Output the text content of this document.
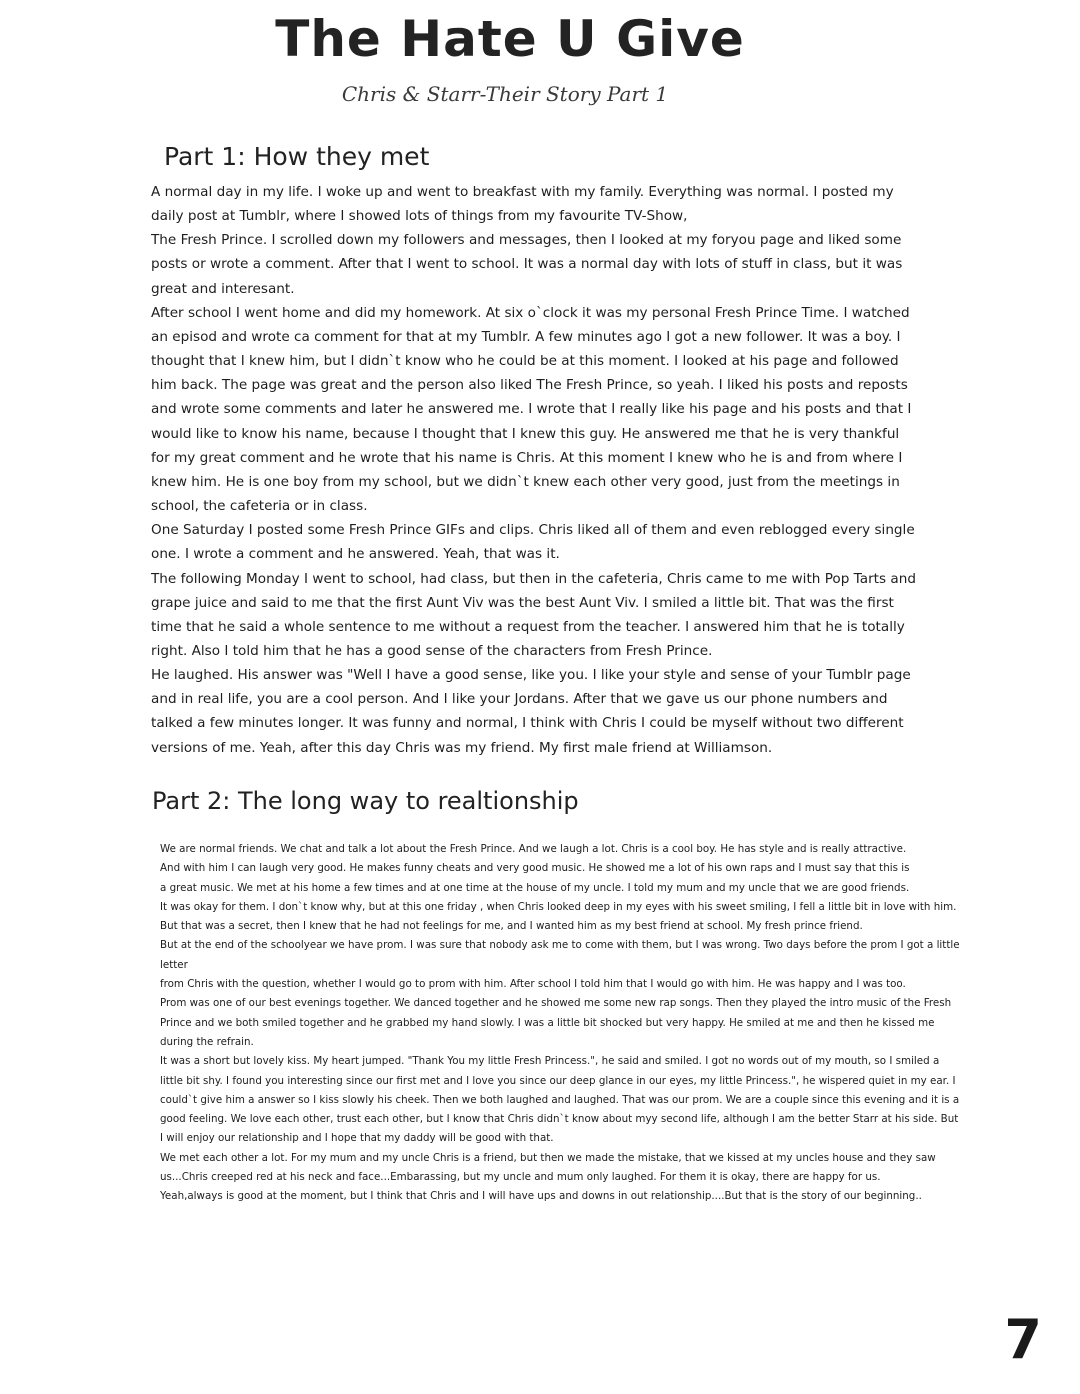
The Hate U Give
Chris & Starr-Their Story Part 1
Part 1: How they met

A normal day in my life. I woke up and went to breakfast with my family. Everything was normal. I posted my daily post at Tumblr, where I showed lots of things from my favourite TV-Show,

The Fresh Prince. I scrolled down my followers and messages, then I looked at my foryou page and liked some posts or wrote a comment. After that I went to school. It was a normal day with lots of stuff in class, but it was great and interesant.

After school I went home and did my homework. At six o`clock it was my personal Fresh Prince Time. I watched an episod and wrote ca comment for that at my Tumblr. A few minutes ago I got a new follower. It was a boy. I thought that I knew him, but I didn`t know who he could be at this moment. I looked at his page and followed him back. The page was great and the person also liked The Fresh Prince, so yeah. I liked his posts and reposts and wrote some comments and later he answered me. I wrote that I really like his page and his posts and that I would like to know his name, because I thought that I knew this guy. He answered me that he is very thankful for my great comment and he wrote that his name is Chris. At this moment I knew who he is and from where I knew him. He is one boy from my school, but we didn`t knew each other very good, just from the meetings in school, the cafeteria or in class.

One Saturday I posted some Fresh Prince GIFs and clips. Chris liked all of them and even reblogged every single one. I wrote a comment and he answered. Yeah, that was it.

The following Monday I went to school, had class, but then in the cafeteria, Chris came to me with Pop Tarts and grape juice and said to me that the first Aunt Viv was the best Aunt Viv. I smiled a little bit. That was the first time that he said a whole sentence to me without a request from the teacher. I answered him that he is totally right. Also I told him that he has a good sense of the characters from Fresh Prince.

He laughed. His answer was "Well I have a good sense, like you. I like your style and sense of your Tumblr page and in real life, you are a cool person. And I like your Jordans. After that we gave us our phone numbers and talked a few minutes longer. It was funny and normal, I think with Chris I could be myself without two different versions of me. Yeah, after this day Chris was my friend. My first male friend at Williamson.

Part 2: The long way to realtionship

We are normal friends. We chat and talk a lot about the Fresh Prince. And we laugh a lot. Chris is a cool boy. He has style and is really attractive.

And with him I can laugh very good. He makes funny cheats and very good music. He showed me a lot of his own raps and I must say that this is

a great music. We met at his home a few times and at one time at the house of my uncle. I told my mum and my uncle that we are good friends.

It was okay for them. I don`t know why, but at this one friday , when Chris looked deep in my eyes with his sweet smiling, I fell a little bit in love with him.

But that was a secret, then I knew that he had not feelings for me, and I wanted him as my best friend at school. My fresh prince friend.

But at the end of the schoolyear we have prom. I was sure that nobody ask me to come with them, but I was wrong. Two days before the prom I got a little letter

from Chris with the question, whether I would go to prom with him. After school I told him that I would go with him. He was happy and I was too.

Prom was one of our best evenings together. We danced together and he showed me some new rap songs. Then they played the intro music of the Fresh Prince and we both smiled together and he grabbed my hand slowly. I was a little bit shocked but very happy. He smiled at me and then he kissed me during the refrain.

It was a short but lovely kiss. My heart jumped. "Thank You my little Fresh Princess.", he said and smiled. I got no words out of my mouth, so I smiled a little bit shy. I found you interesting since our first met and I love you since our deep glance in our eyes, my little Princess.", he wispered quiet in my ear. I could`t give him a answer so I kiss slowly his cheek. Then we both laughed and laughed. That was our prom. We are a couple since this evening and it is a good feeling. We love each other, trust each other, but I know that Chris didn`t know about myy second life, although I am the better Starr at his side. But I will enjoy our relationship and I hope that my daddy will be good with that.

We met each other a lot. For my mum and my uncle Chris is a friend, but then we made the mistake, that we kissed at my uncles house and they saw us...Chris creeped red at his neck and face...Embarassing, but my uncle and mum only laughed. For them it is okay, there are happy for us.

Yeah,always is good at the moment, but I think that Chris and I will have ups and downs in out relationship....But that is the story of our beginning..

7
